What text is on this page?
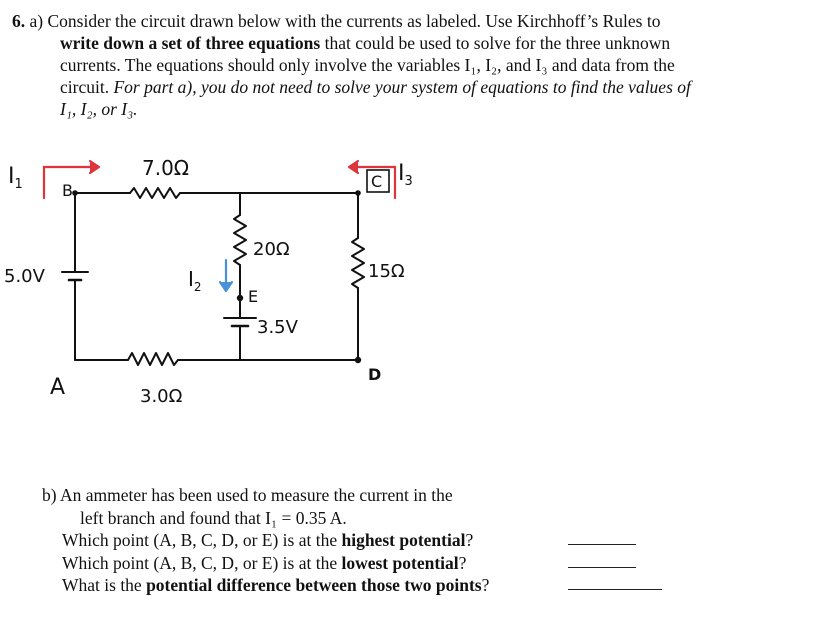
6. a) Consider the circuit drawn below with the currents as labeled. Use Kirchhoff’s Rules to
write down a set of three equations that could be used to solve for the three unknown
currents. The equations should only involve the variables I₁, I₂, and I₃ and data from the
circuit. For part a), you do not need to solve your system of equations to find the values of
I₁, I₂, or I₃.
$I_1$ B
7.0Ω
C $I_3$
5.0V
20Ω
15Ω
$I_2$	E
3.5V
D
A	3.0Ω
b) An ammeter has been used to measure the current in the
left branch and found that I₁ = 0.35 A.
Which point (A, B, C, D, or E) is at the highest potential?
Which point (A, B, C, D, or E) is at the lowest potential?
What is the potential difference between those two points?
